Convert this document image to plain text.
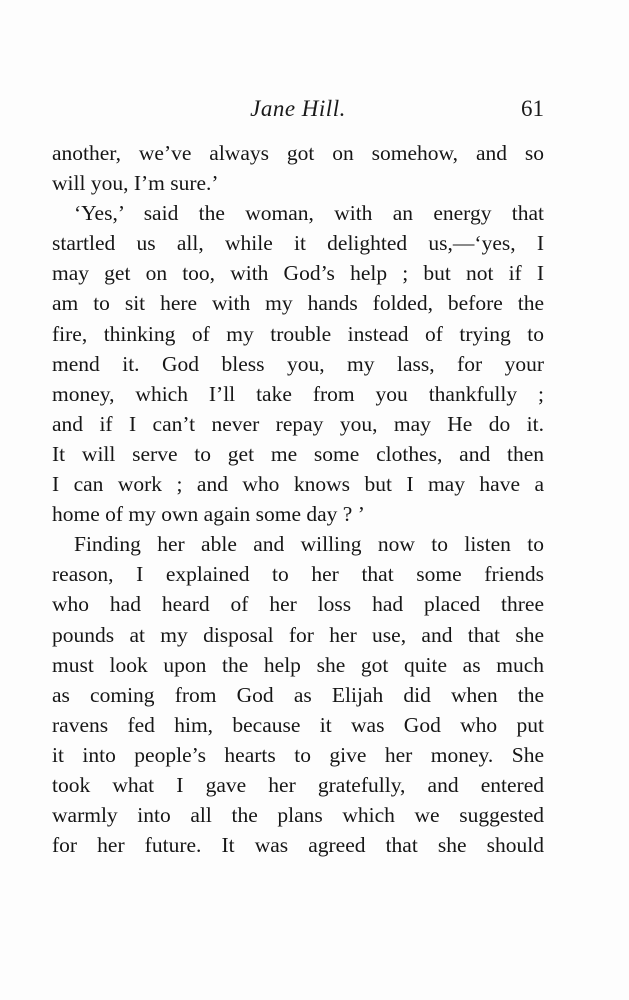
Jane Hill.	61
another, we’ve always got on somehow, and so
will you, I’m sure.’
‘Yes,’ said the woman, with an energy that
startled us all, while it delighted us,—‘yes, I
may get on too, with God’s help ; but not if I
am to sit here with my hands folded, before the
fire, thinking of my trouble instead of trying to
mend it. God bless you, my lass, for your
money, which I’ll take from you thankfully ;
and if I can’t never repay you, may He do it.
It will serve to get me some clothes, and then
I can work ; and who knows but I may have a
home of my own again some day ? ’
Finding her able and willing now to listen to
reason, I explained to her that some friends
who had heard of her loss had placed three
pounds at my disposal for her use, and that she
must look upon the help she got quite as much
as coming from God as Elijah did when the
ravens fed him, because it was God who put
it into people’s hearts to give her money. She
took what I gave her gratefully, and entered
warmly into all the plans which we suggested
for her future. It was agreed that she should
